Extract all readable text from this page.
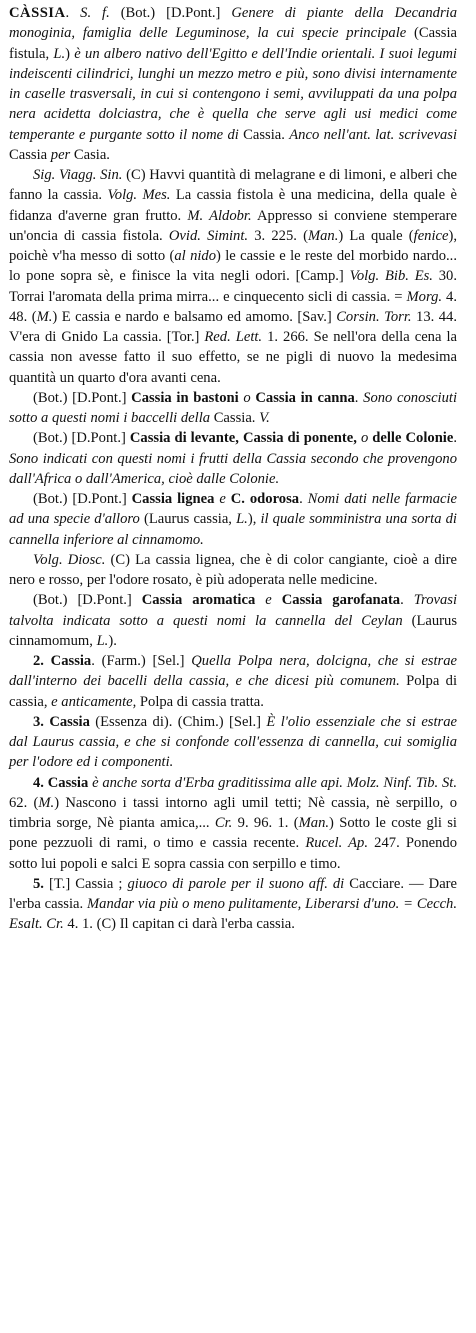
CÀSSIA. S. f. (Bot.) [D.Pont.] Genere di piante della Decandria monoginia, famiglia delle Leguminose, la cui specie principale (Cassia fistula, L.) è un albero nativo dell'Egitto e dell'Indie orientali. I suoi legumi indeiscenti cilindrici, lunghi un mezzo metro e più, sono divisi internamente in caselle trasversali, in cui si contengono i semi, avviluppati da una polpa nera acidetta dolciastra, che è quella che serve agli usi medici come temperante e purgante sotto il nome di Cassia. Anco nell'ant. lat. scrivevasi Cassia per Casia.

Sig. Viagg. Sin. (C) Havvi quantità di melagrane e di limoni, e alberi che fanno la cassia. Volg. Mes. La cassia fistola è una medicina, della quale è fidanza d'averne gran frutto. M. Aldobr. Appresso si conviene stemperare un'oncia di cassia fistola. Ovid. Simint. 3. 225. (Man.) La quale (fenice), poichè v'ha messo di sotto (al nido) le cassie e le reste del morbido nardo... lo pone sopra sè, e finisce la vita negli odori. [Camp.] Volg. Bib. Es. 30. Torrai l'aromata della prima mirra... e cinquecento sicli di cassia. = Morg. 4. 48. (M.) E cassia e nardo e balsamo ed amomo. [Sav.] Corsin. Torr. 13. 44. V'era di Gnido La cassia. [Tor.] Red. Lett. 1. 266. Se nell'ora della cena la cassia non avesse fatto il suo effetto, se ne pigli di nuovo la medesima quantità un quarto d'ora avanti cena.

(Bot.) [D.Pont.] Cassia in bastoni o Cassia in canna. Sono conosciuti sotto a questi nomi i baccelli della Cassia. V.

(Bot.) [D.Pont.] Cassia di levante, Cassia di ponente, o delle Colonie. Sono indicati con questi nomi i frutti della Cassia secondo che provengono dall'Africa o dall'America, cioè dalle Colonie.

(Bot.) [D.Pont.] Cassia lignea e C. odorosa. Nomi dati nelle farmacie ad una specie d'alloro (Laurus cassia, L.), il quale somministra una sorta di cannella inferiore al cinnamomo.

Volg. Diosc. (C) La cassia lignea, che è di color cangiante, cioè a dire nero e rosso, per l'odore rosato, è più adoperata nelle medicine.

(Bot.) [D.Pont.] Cassia aromatica e Cassia garofanata. Trovasi talvolta indicata sotto a questi nomi la cannella del Ceylan (Laurus cinnamomum, L.).

2. Cassia. (Farm.) [Sel.] Quella Polpa nera, dolcigna, che si estrae dall'interno dei bacelli della cassia, e che dicesi più comunem. Polpa di cassia, e anticamente, Polpa di cassia tratta.

3. Cassia (Essenza di). (Chim.) [Sel.] È l'olio essenziale che si estrae dal Laurus cassia, e che si confonde coll'essenza di cannella, cui somiglia per l'odore ed i componenti.

4. Cassia è anche sorta d'Erba graditissima alle api. Molz. Ninf. Tib. St. 62. (M.) Nascono i tassi intorno agli umil tetti; Nè cassia, nè serpillo, o timbria sorge, Nè pianta amica,... Cr. 9. 96. 1. (Man.) Sotto le coste gli si pone pezzuoli di rami, o timo e cassia recente. Rucel. Ap. 247. Ponendo sotto lui popoli e salci E sopra cassia con serpillo e timo.

5. [T.] Cassia ; giuoco di parole per il suono aff. di Cacciare. — Dare l'erba cassia. Mandar via più o meno pulitamente, Liberarsi d'uno. = Cecch. Esalt. Cr. 4. 1. (C) Il capitan ci darà l'erba cassia.
